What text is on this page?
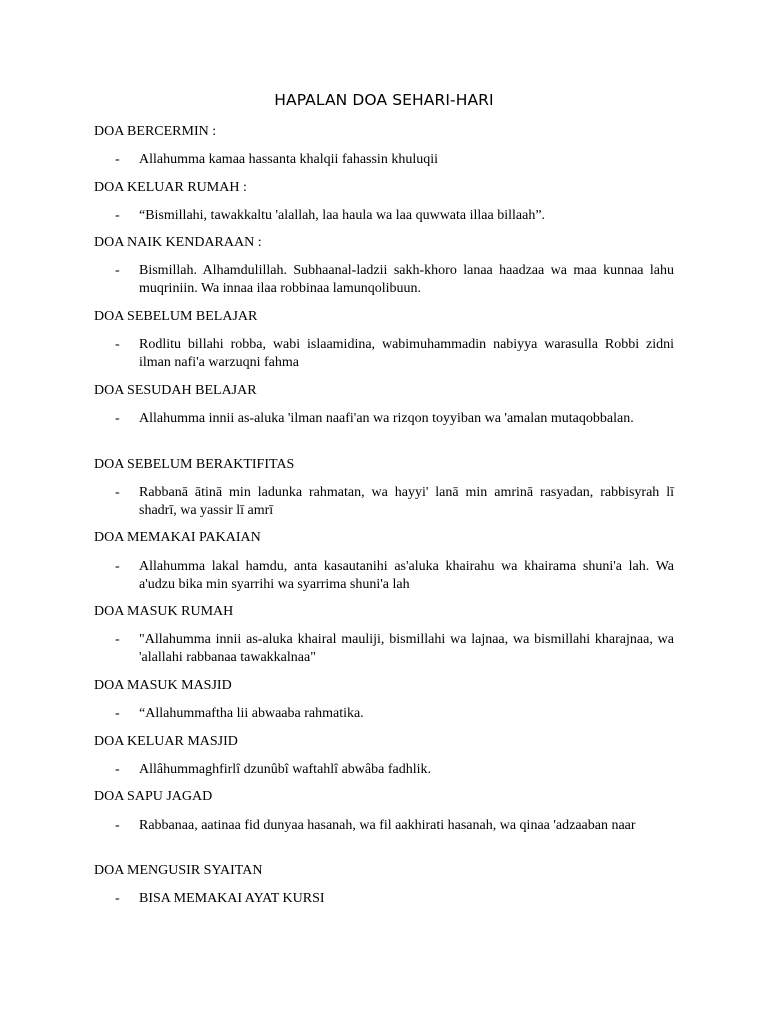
HAPALAN DOA SEHARI-HARI
DOA BERCERMIN :
- Allahumma kamaa hassanta khalqii fahassin khuluqii
DOA KELUAR RUMAH :
- “Bismillahi, tawakkaltu 'alallah, laa haula wa laa quwwata illaa billaah”.
DOA NAIK KENDARAAN :
- Bismillah. Alhamdulillah. Subhaanal-ladzii sakh-khoro lanaa haadzaa wa maa kunnaa lahu muqriniin. Wa innaa ilaa robbinaa lamunqolibuun.
DOA SEBELUM BELAJAR
- Rodlitu billahi robba, wabi islaamidina, wabimuhammadin nabiyya warasulla Robbi zidni ilman nafi'a warzuqni fahma
DOA SESUDAH BELAJAR
- Allahumma innii as-aluka 'ilman naafi'an wa rizqon toyyiban wa 'amalan mutaqobbalan.
DOA SEBELUM BERAKTIFITAS
- Rabbanā ātinā min ladunka rahmatan, wa hayyi' lanā min amrinā rasyadan, rabbisyrah lī shadrī, wa yassir lī amrī
DOA MEMAKAI PAKAIAN
- Allahumma lakal hamdu, anta kasautanihi as'aluka khairahu wa khairama shuni'a lah. Wa a'udzu bika min syarrihi wa syarrima shuni'a lah
DOA MASUK RUMAH
- "Allahumma innii as-aluka khairal mauliji, bismillahi wa lajnaa, wa bismillahi kharajnaa, wa 'alallahi rabbanaa tawakkalnaa"
DOA MASUK MASJID
- “Allahummaftha lii abwaaba rahmatika.
DOA KELUAR MASJID
- Allâhummaghfirlî dzunûbî waftahlî abwâba fadhlik.
DOA SAPU JAGAD
- Rabbanaa, aatinaa fid dunyaa hasanah, wa fil aakhirati hasanah, wa qinaa 'adzaaban naar
DOA MENGUSIR SYAITAN
- BISA MEMAKAI AYAT KURSI
